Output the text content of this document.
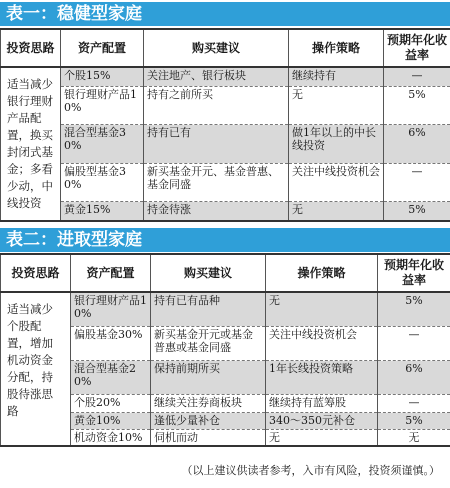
表一：稳健型家庭
投资思路	资产配置	购买建议	操作策略	预期年化收益率
适当减少银行理财产品配置，换买封闭式基金；多看少动，中线投资	个股15%	关注地产、银行板块	继续持有	—
	银行理财产品10%	持有之前所买	无	5%
	混合型基金30%	持有已有	做1年以上的中长线投资	6%
	偏股型基金30%	新买基金开元、基金普惠、基金同盛	关注中线投资机会	—
	黄金15%	持金待涨	无	5%
表二：进取型家庭
投资思路	资产配置	购买建议	操作策略	预期年化收益率
适当减少个股配置，增加机动资金分配，持股待涨思路	银行理财产品10%	持有已有品种	无	5%
	偏股基金30%	新买基金开元或基金普惠或基金同盛	关注中线投资机会	—
	混合型基金20%	保持前期所买	1年长线投资策略	6%
	个股20%	继续关注券商板块	继续持有蓝筹股	—
	黄金10%	逢低少量补仓	340～350元补仓	5%
	机动资金10%	伺机而动	无	无
（以上建议供读者参考，入市有风险，投资须谨慎。）
